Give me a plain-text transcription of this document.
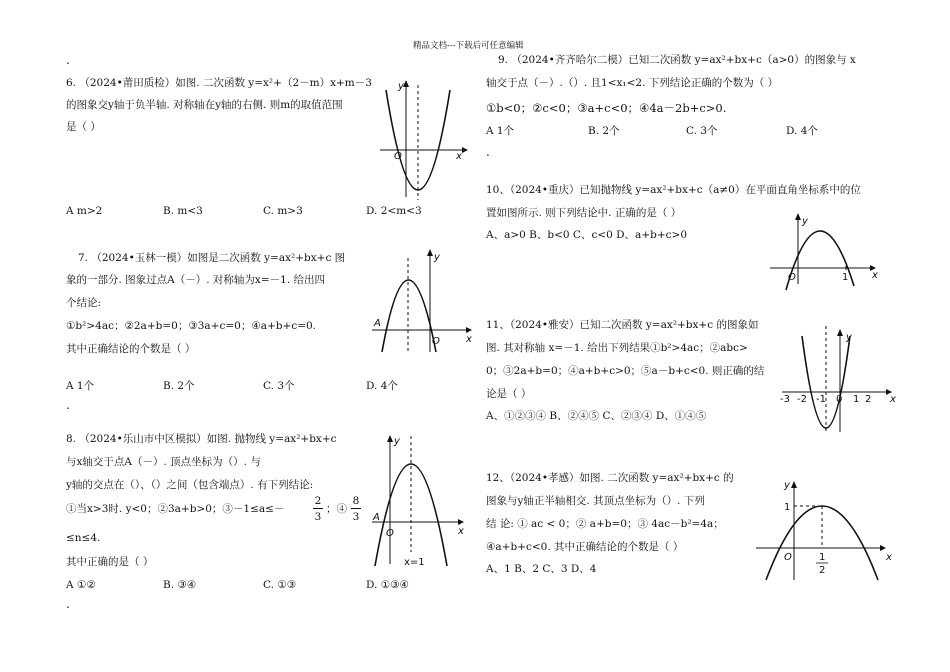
精品文档---下载后可任意编辑
.
6. （2024•莆田质检）如图. 二次函数 y=x²+（2－m）x+m－3
的图象交y轴于负半轴. 对称轴在y轴的右侧. 则m的取值范围
是（ ）
A m>2	B. m<3	C. m>3	D. 2<m<3
y
x
O
7. （2024•玉林一模）如图是二次函数 y=ax²+bx+c 图
象的一部分. 图象过点A（－）. 对称轴为x=－1. 给出四
个结论:
①b²>4ac；②2a+b=0；③3a+c=0；④a+b+c=0.
其中正确结论的个数是（ ）
A 1个	B. 2个	C. 3个	D. 4个
.
y
x
O
A
8. （2024•乐山市中区模拟）如图. 抛物线 y=ax²+bx+c
与x轴交于点A（－）. 顶点坐标为（）. 与
y轴的交点在（）、（）之间（包含端点）. 有下列结论:
①当x>3时. y<0；②3a+b>0；③－1≤a≤－
2
3
；④
8
3
≤n≤4.
其中正确的是（ ）
A ①②	B. ③④	C. ①③	D. ①③④
.
y
x
O
A
x=1
9. （2024•齐齐哈尔二模）已知二次函数 y=ax²+bx+c（a>0）的图象与 x
轴交于点（－）.（）. 且1<x₁<2. 下列结论正确的个数为（ ）
①b<0；②c<0；③a+c<0；④4a－2b+c>0.
A 1个	B. 2个	C. 3个	D. 4个
.
10、（2024•重庆）已知抛物线 y=ax²+bx+c（a≠0）在平面直角坐标系中的位
置如图所示. 则下列结论中. 正确的是（ ）
A、a>0 B、b<0 C、c<0 D、a+b+c>0
y
x
O	1
11、（2024•雅安）已知二次函数 y=ax²+bx+c 的图象如
图. 其对称轴 x=－1. 给出下列结果①b²>4ac；②abc>
0；③2a+b=0；④a+b+c>0；⑤a－b+c<0. 则正确的结
论是（ ）
A、①②③④ B、②④⑤ C、②③④ D、①④⑤
y
x
0
-3 -2 -1	1 2
12、（2024•孝感）如图. 二次函数 y=ax²+bx+c 的
图象与y轴正半轴相交. 其顶点坐标为（）. 下列
结 论: ① ac < 0；② a+b=0；③ 4ac－b²=4a；
④a+b+c<0. 其中正确结论的个数是（ ）
A、1 B、2 C、3 D、4
y
x
O
1
1
2
